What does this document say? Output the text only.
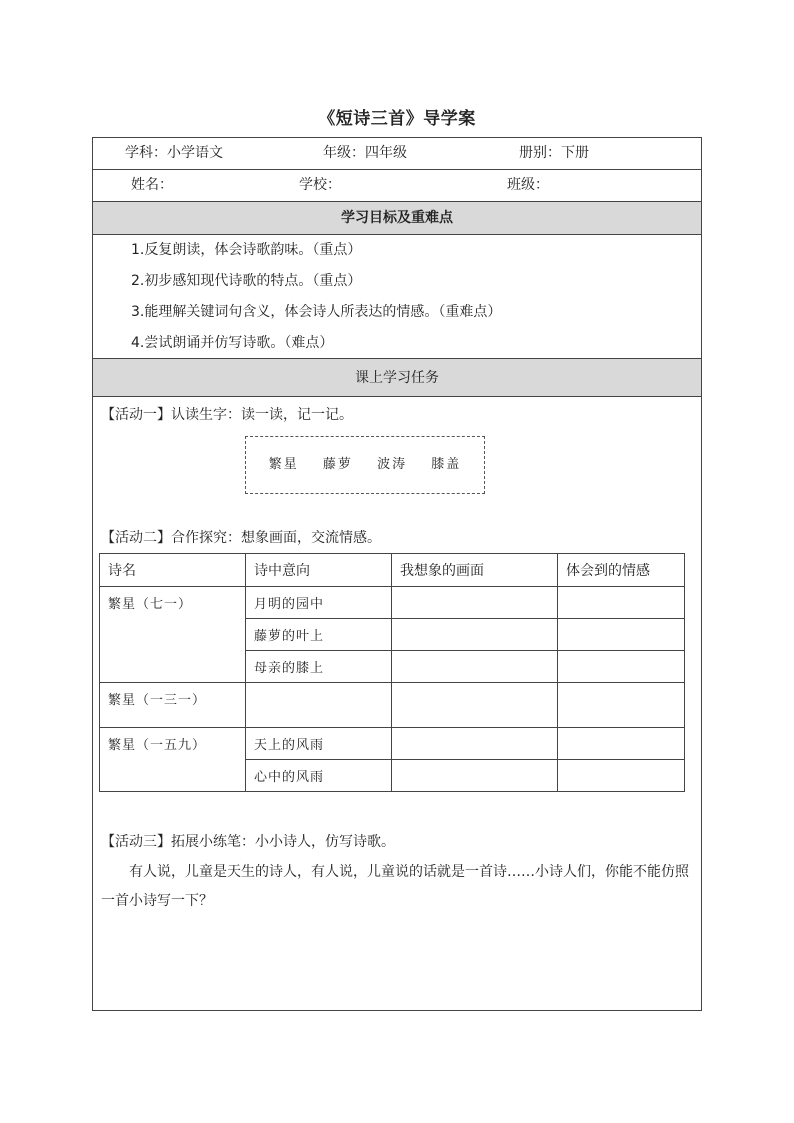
《短诗三首》导学案
学科：小学语文	年级：四年级	册别：下册
姓名：	学校：	班级：
学习目标及重难点
1.反复朗读，体会诗歌韵味。（重点）
2.初步感知现代诗歌的特点。（重点）
3.能理解关键词句含义，体会诗人所表达的情感。（重难点）
4.尝试朗诵并仿写诗歌。（难点）
课上学习任务
【活动一】认读生字：读一读，记一记。
繁星 藤萝 波涛 膝盖
【活动二】合作探究：想象画面，交流情感。
诗名	诗中意向	我想象的画面	体会到的情感
繁星（七一）	月明的园中		
	藤萝的叶上		
	母亲的膝上		
繁星（一三一）			
繁星（一五九）	天上的风雨		
	心中的风雨		
【活动三】拓展小练笔：小小诗人，仿写诗歌。
有人说，儿童是天生的诗人，有人说，儿童说的话就是一首诗……小诗人们，你能不能仿照一首小诗写一下？
